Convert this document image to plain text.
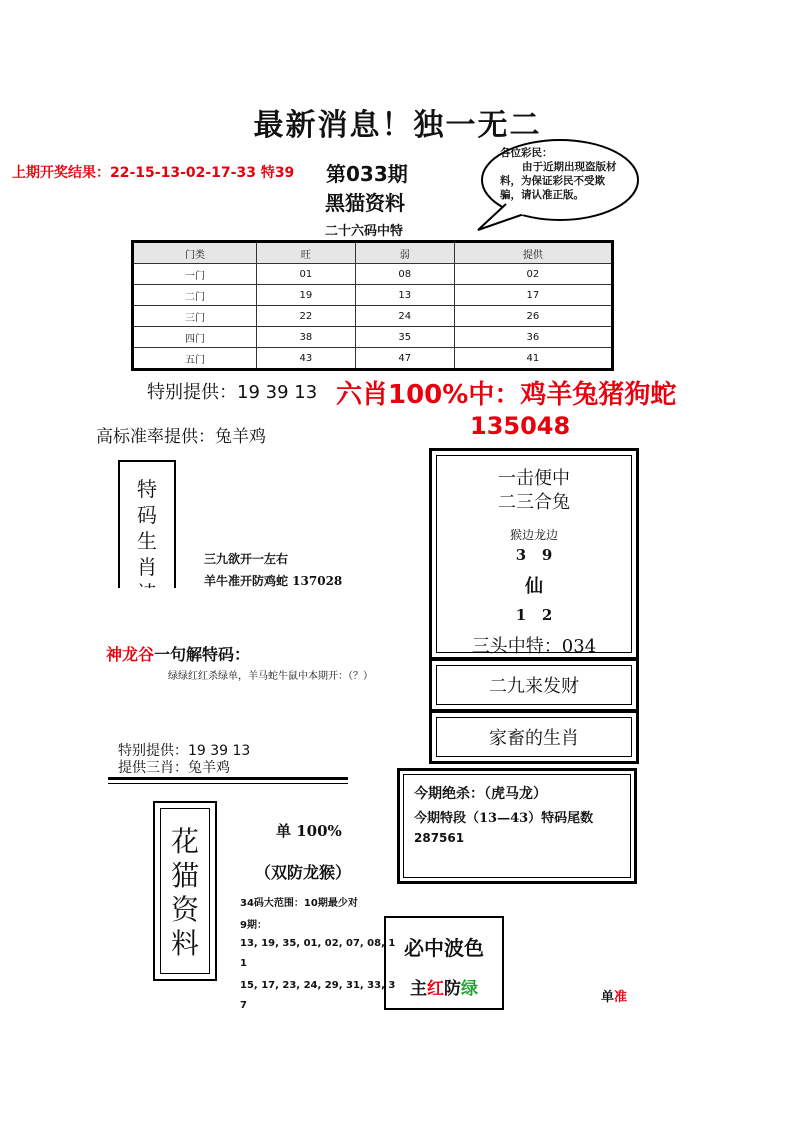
最新消息！独一无二
上期开奖结果：22-15-13-02-17-33 特39 第033期
黑猫资料
二十六码中特
各位彩民：
由于近期出现盗版材料，为保证彩民不受欺骗，请认准正版。
门类	旺	弱	提供
一门	01	08	02
二门	19	13	17
三门	22	24	26
四门	38	35	36
五门	43	47	41
特别提供：19 39 13 六肖100%中：鸡羊兔猪狗蛇
135048
高标准率提供：兔羊鸡
特码生肖	三九欲开一左右
羊牛准开防鸡蛇 137028
一击便中
二三合兔
猴边龙边
3   9
仙
1   2
三头中特：034
二九来发财
家畜的生肖
神龙谷一句解特码：
绿绿红红杀绿单，羊马蛇牛鼠中本期开：（？）
特别提供：19 39 13
提供三肖：兔羊鸡
今期绝杀：（虎马龙）
今期特段（13—43）特码尾数
287561
花猫资料
单 100%
（双防龙猴）
34码大范围：10期最少对
9期：
13, 19, 35, 01, 02, 07, 08, 1
1
15, 17, 23, 24, 29, 31, 33, 3
7
必中波色
主红防绿	单准
